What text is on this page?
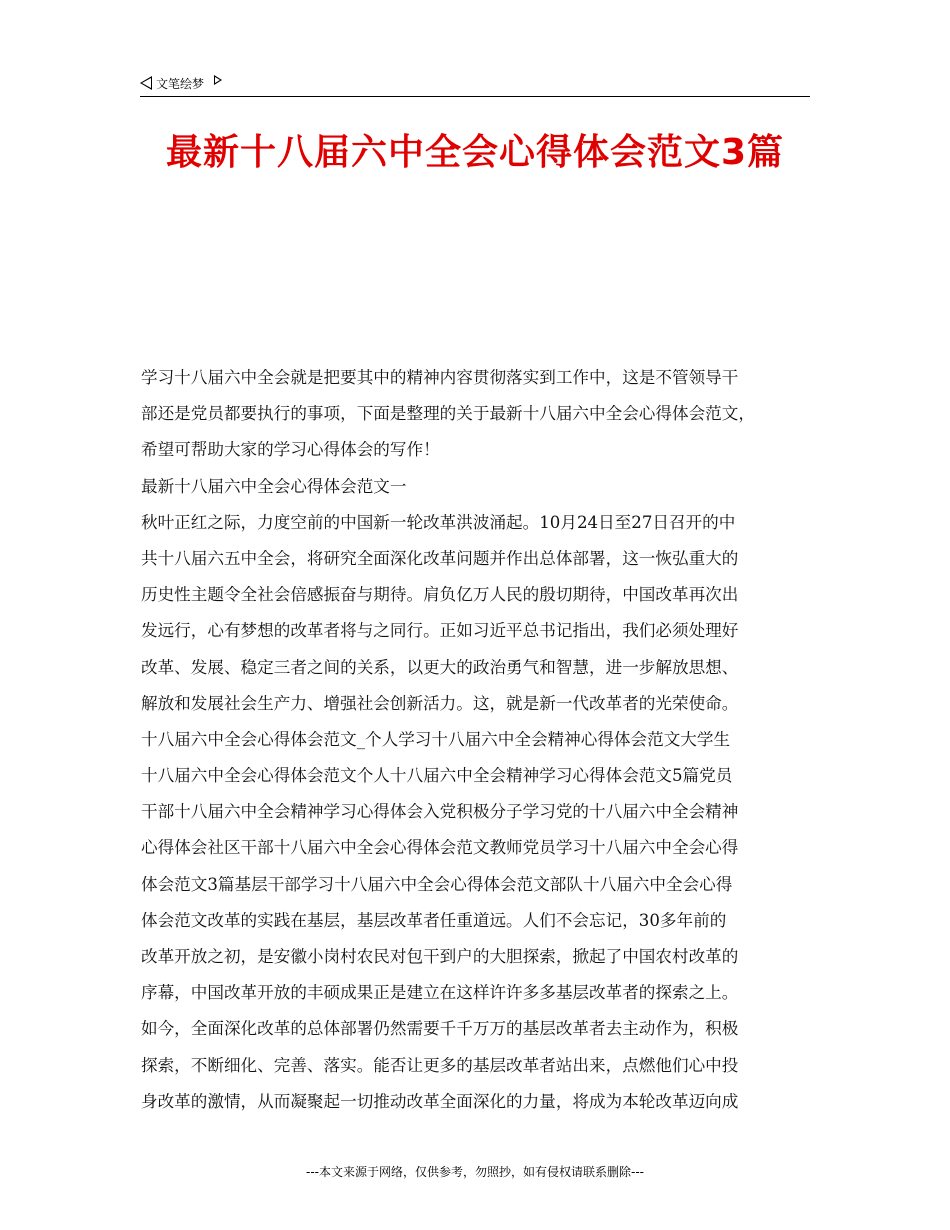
文笔绘梦
最新十八届六中全会心得体会范文3篇
学习十八届六中全会就是把要其中的精神内容贯彻落实到工作中，这是不管领导干
部还是党员都要执行的事项，下面是整理的关于最新十八届六中全会心得体会范文，
希望可帮助大家的学习心得体会的写作！
最新十八届六中全会心得体会范文一
秋叶正红之际，力度空前的中国新一轮改革洪波涌起。10月24日至27日召开的中
共十八届六五中全会，将研究全面深化改革问题并作出总体部署，这一恢弘重大的
历史性主题令全社会倍感振奋与期待。肩负亿万人民的殷切期待，中国改革再次出
发远行，心有梦想的改革者将与之同行。正如习近平总书记指出，我们必须处理好
改革、发展、稳定三者之间的关系，以更大的政治勇气和智慧，进一步解放思想、
解放和发展社会生产力、增强社会创新活力。这，就是新一代改革者的光荣使命。
十八届六中全会心得体会范文_个人学习十八届六中全会精神心得体会范文大学生
十八届六中全会心得体会范文个人十八届六中全会精神学习心得体会范文5篇党员
干部十八届六中全会精神学习心得体会入党积极分子学习党的十八届六中全会精神
心得体会社区干部十八届六中全会心得体会范文教师党员学习十八届六中全会心得
体会范文3篇基层干部学习十八届六中全会心得体会范文部队十八届六中全会心得
体会范文改革的实践在基层，基层改革者任重道远。人们不会忘记，30多年前的
改革开放之初，是安徽小岗村农民对包干到户的大胆探索，掀起了中国农村改革的
序幕，中国改革开放的丰硕成果正是建立在这样许许多多基层改革者的探索之上。
如今，全面深化改革的总体部署仍然需要千千万万的基层改革者去主动作为，积极
探索，不断细化、完善、落实。能否让更多的基层改革者站出来，点燃他们心中投
身改革的激情，从而凝聚起一切推动改革全面深化的力量，将成为本轮改革迈向成
---本文来源于网络，仅供参考，勿照抄，如有侵权请联系删除---
